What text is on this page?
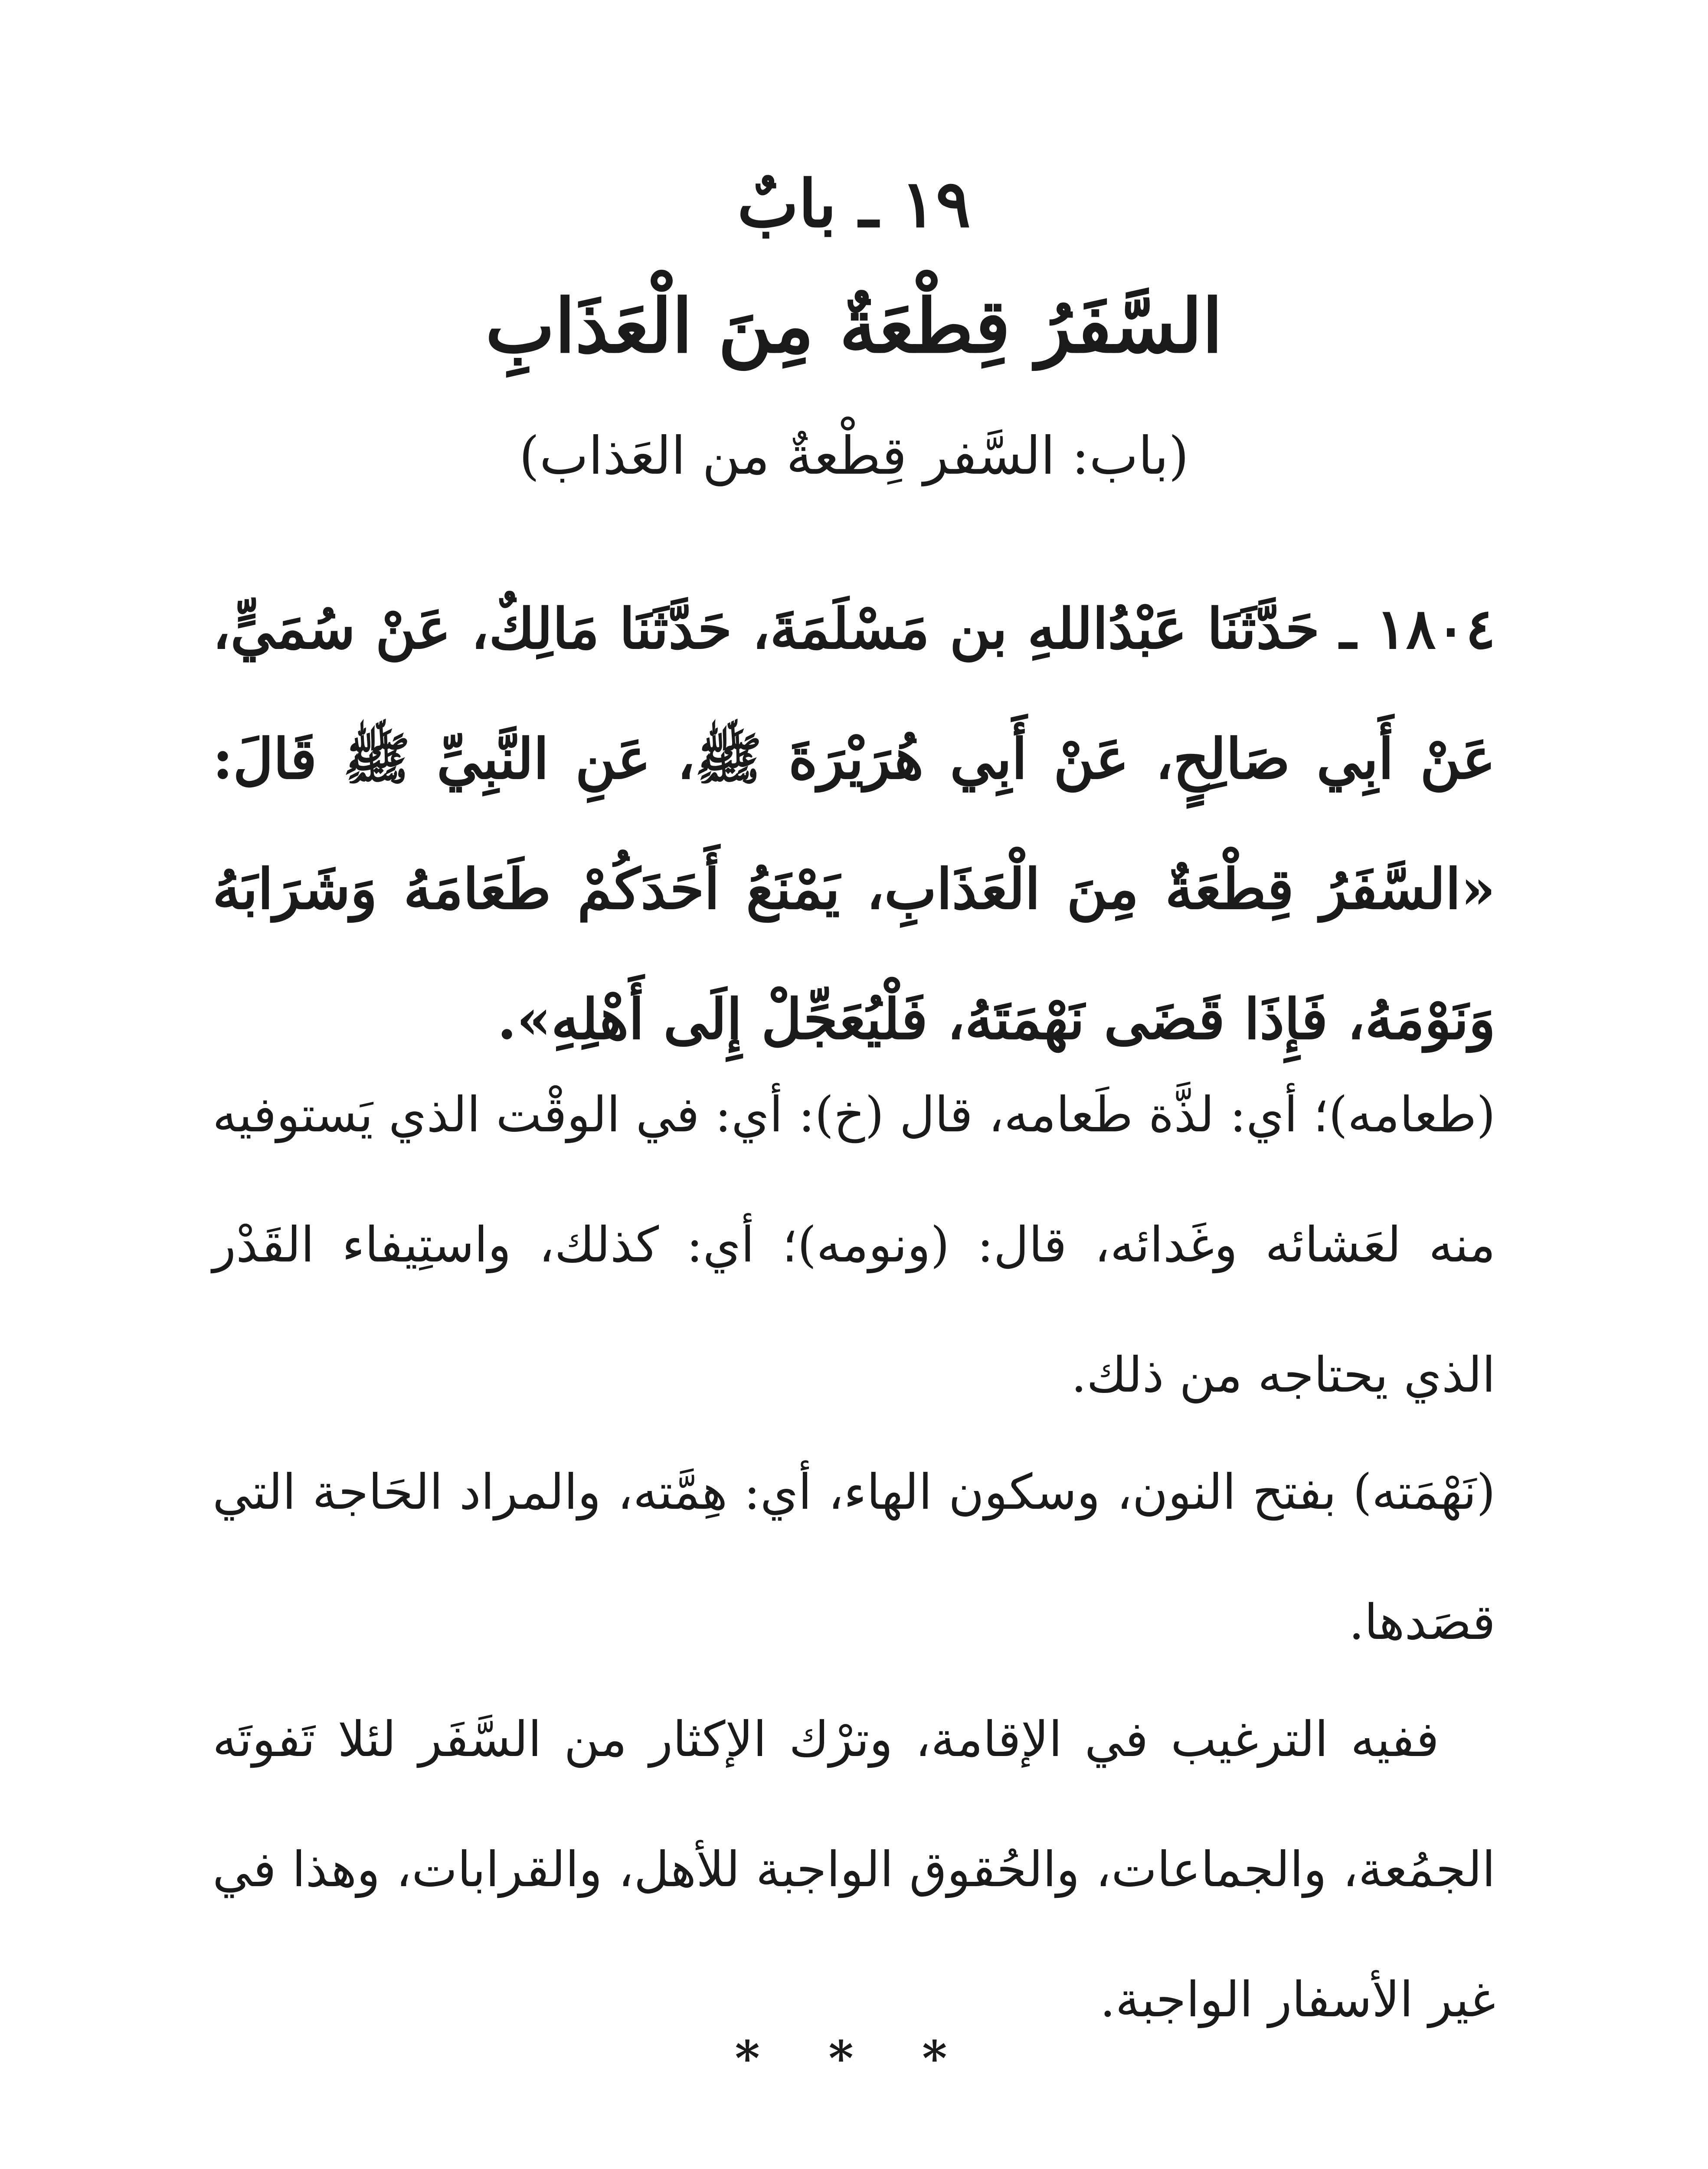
١٩ ـ بابٌ
السَّفَرُ قِطْعَةٌ مِنَ الْعَذَابِ
(باب: السَّفر قِطْعةٌ من العَذاب)

١٨٠٤ ـ حَدَّثَنَا عَبْدُاللهِ بن مَسْلَمَةَ، حَدَّثَنَا مَالِكٌ، عَنْ سُمَيٍّ، عَنْ أَبِي صَالِحٍ، عَنْ أَبِي هُرَيْرَةَ ﷺ، عَنِ النَّبِيِّ ﷺ قَالَ: «السَّفَرُ قِطْعَةٌ مِنَ الْعَذَابِ، يَمْنَعُ أَحَدَكُمْ طَعَامَهُ وَشَرَابَهُ وَنَوْمَهُ، فَإِذَا قَضَى نَهْمَتَهُ، فَلْيُعَجِّلْ إِلَى أَهْلِهِ».

(طعامه)؛ أي: لذَّة طَعامه، قال (خ): أي: في الوقْت الذي يَستوفيه منه لعَشائه وغَدائه، قال: (ونومه)؛ أي: كذلك، واستِيفاء القَدْر الذي يحتاجه من ذلك.

(نَهْمَته) بفتح النون، وسكون الهاء، أي: هِمَّته، والمراد الحَاجة التي قصَدها.

ففيه الترغيب في الإقامة، وترْك الإكثار من السَّفَر لئلا تَفوتَه الجمُعة، والجماعات، والحُقوق الواجبة للأهل، والقرابات، وهذا في غير الأسفار الواجبة.

* * *
